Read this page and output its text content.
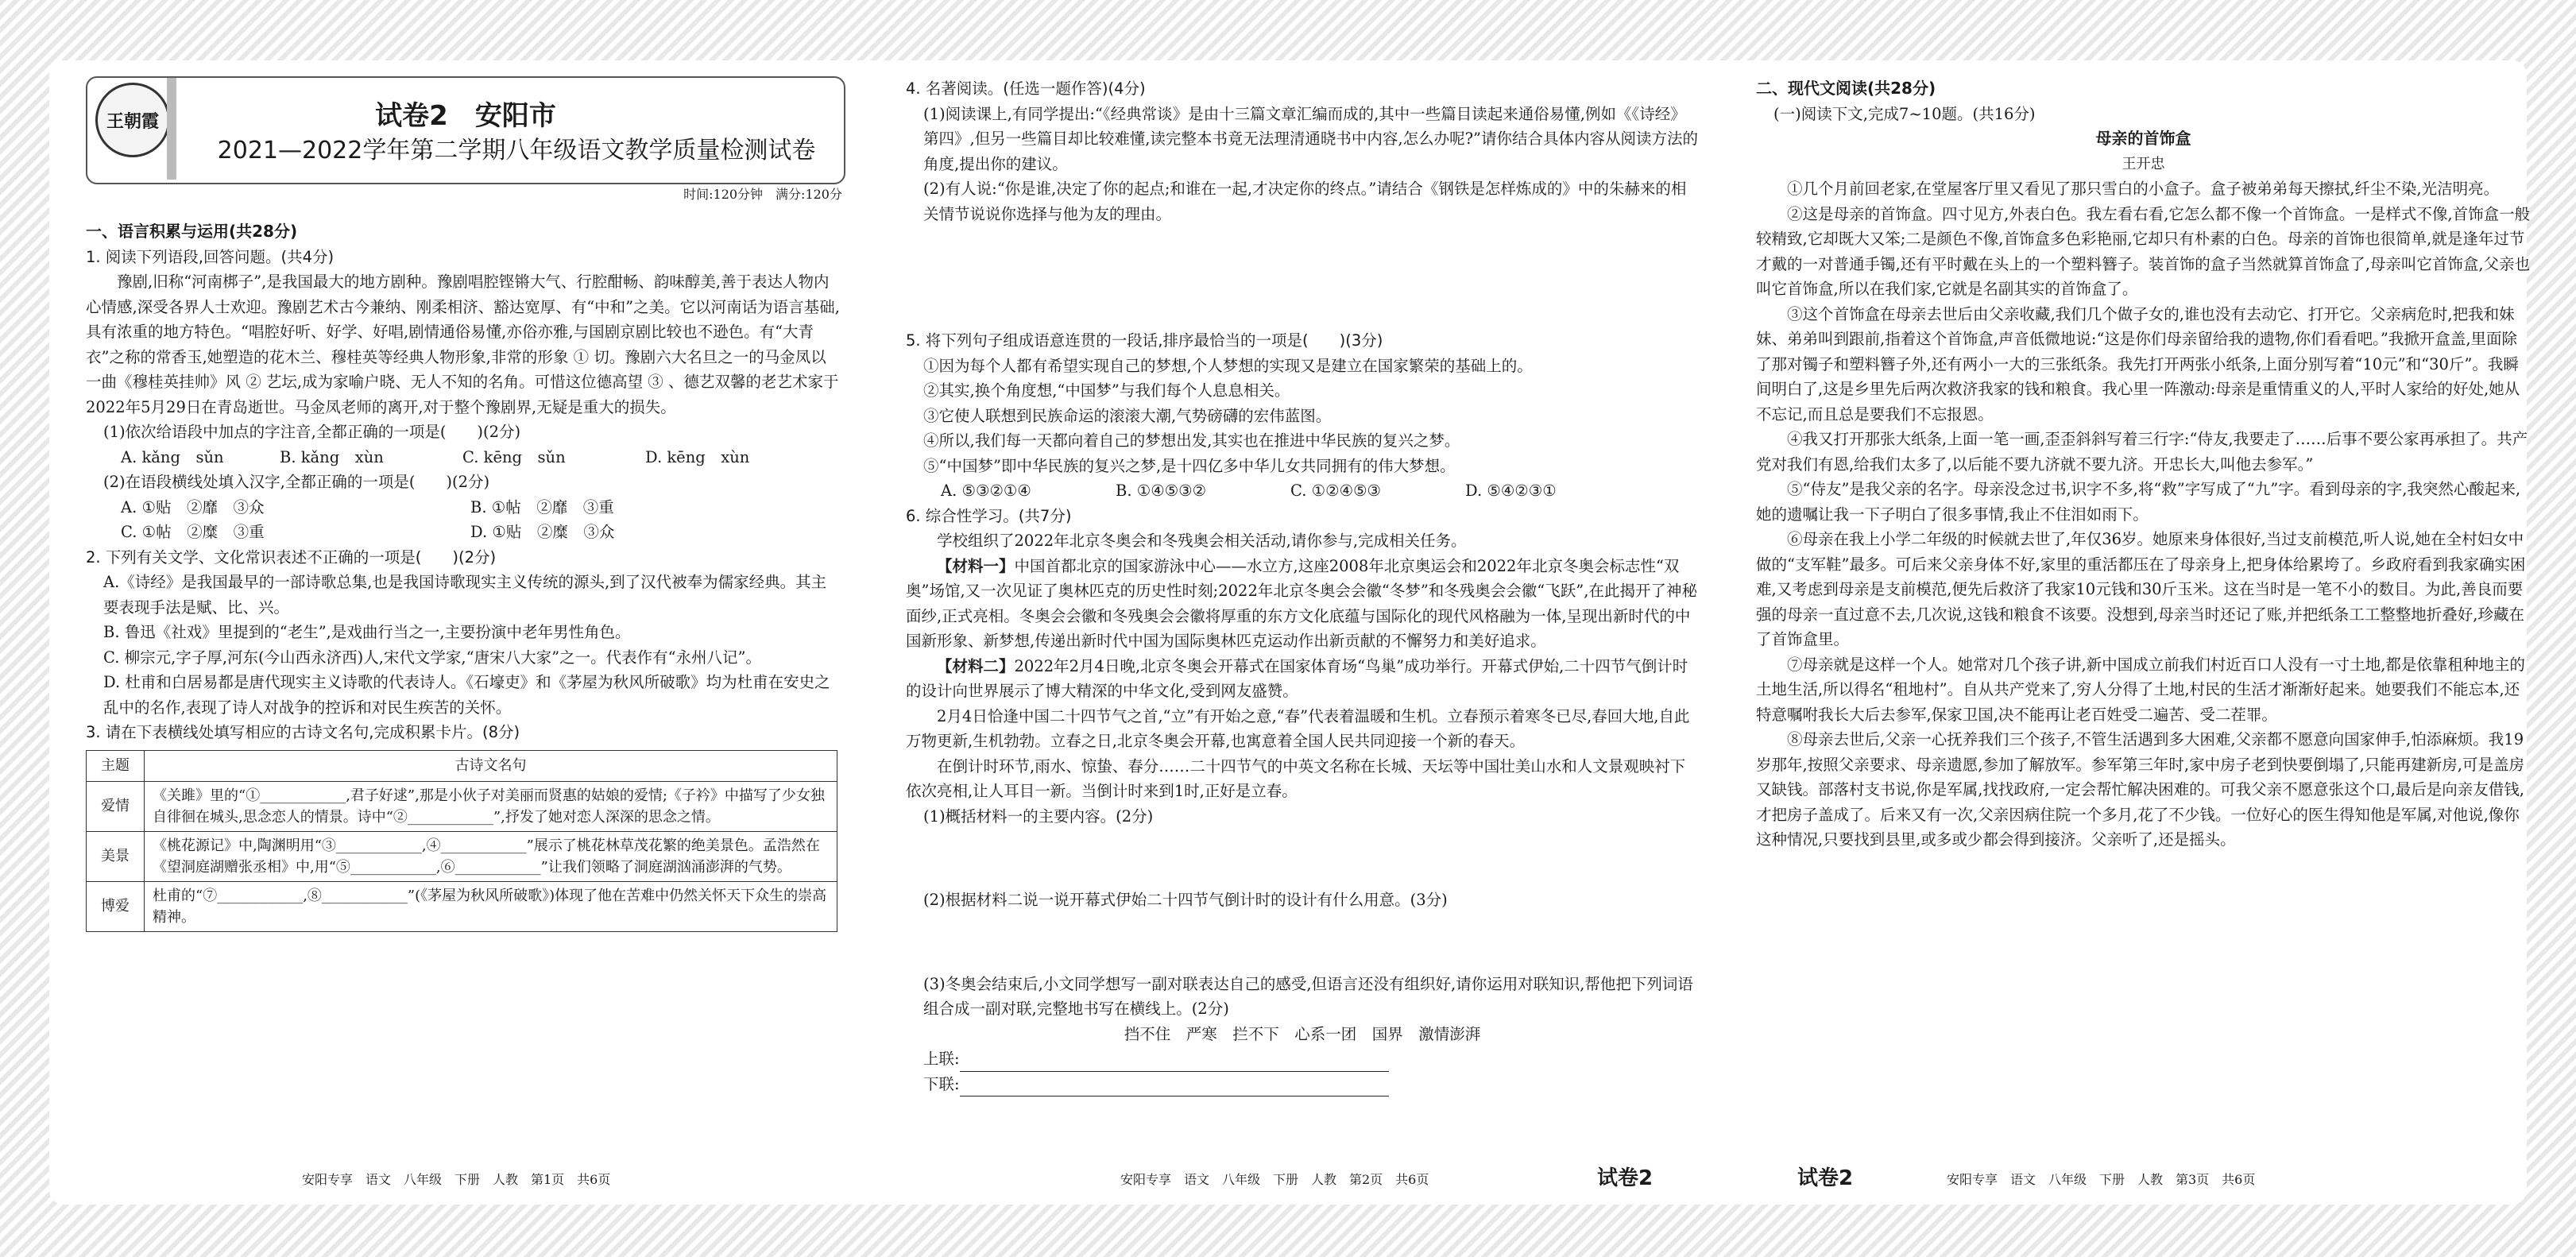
王朝霞	试卷2　安阳市
2021—2022学年第二学期八年级语文教学质量检测试卷
时间:120分钟　满分:120分

一、语言积累与运用(共28分)

1. 阅读下列语段,回答问题。(共4分)

豫剧,旧称“河南梆子”,是我国最大的地方剧种。豫剧唱腔铿锵大气、行腔酣畅、韵味醇美,善于表达人物内心情感,深受各界人士欢迎。豫剧艺术古今兼纳、刚柔相济、豁达宽厚、有“中和”之美。它以河南话为语言基础,具有浓重的地方特色。“唱腔好听、好学、好唱,剧情通俗易懂,亦俗亦雅,与国剧京剧比较也不逊色。有“大青衣”之称的常香玉,她塑造的花木兰、穆桂英等经典人物形象,非常的形象 ① 切。豫剧六大名旦之一的马金凤以一曲《穆桂英挂帅》风 ② 艺坛,成为家喻户晓、无人不知的名角。可惜这位德高望 ③ 、德艺双馨的老艺术家于2022年5月29日在青岛逝世。马金凤老师的离开,对于整个豫剧界,无疑是重大的损失。

(1)依次给语段中加点的字注音,全都正确的一项是(　　)(2分)

A. kǎng　sǔn	B. kǎng　xùn	C. kēng　sǔn	D. kēng　xùn

(2)在语段横线处填入汉字,全都正确的一项是(　　)(2分)

A. ①贴　②靡　③众	B. ①帖　②靡　③重
C. ①帖　②糜　③重	D. ①贴　②糜　③众

2. 下列有关文学、文化常识表述不正确的一项是(　　)(2分)

A.《诗经》是我国最早的一部诗歌总集,也是我国诗歌现实主义传统的源头,到了汉代被奉为儒家经典。其主要表现手法是赋、比、兴。

B. 鲁迅《社戏》里提到的“老生”,是戏曲行当之一,主要扮演中老年男性角色。

C. 柳宗元,字子厚,河东(今山西永济西)人,宋代文学家,“唐宋八大家”之一。代表作有“永州八记”。

D. 杜甫和白居易都是唐代现实主义诗歌的代表诗人。《石壕吏》和《茅屋为秋风所破歌》均为杜甫在安史之乱中的名作,表现了诗人对战争的控诉和对民生疾苦的关怀。

3. 请在下表横线处填写相应的古诗文名句,完成积累卡片。(8分)

主题	古诗文名句
爱情	《关雎》里的“①____________,君子好逑”,那是小伙子对美丽而贤惠的姑娘的爱情;《子衿》中描写了少女独自徘徊在城头,思念恋人的情景。诗中“②____________”,抒发了她对恋人深深的思念之情。
美景	《桃花源记》中,陶渊明用“③____________,④____________”展示了桃花林草茂花繁的绝美景色。孟浩然在《望洞庭湖赠张丞相》中,用“⑤____________,⑥____________”让我们领略了洞庭湖汹涌澎湃的气势。
博爱	杜甫的“⑦____________,⑧____________”(《茅屋为秋风所破歌》)体现了他在苦难中仍然关怀天下众生的崇高精神。

4. 名著阅读。(任选一题作答)(4分)

(1)阅读课上,有同学提出:“《经典常谈》是由十三篇文章汇编而成的,其中一些篇目读起来通俗易懂,例如《《诗经》第四》,但另一些篇目却比较难懂,读完整本书竟无法理清通晓书中内容,怎么办呢?”请你结合具体内容从阅读方法的角度,提出你的建议。

(2)有人说:“你是谁,决定了你的起点;和谁在一起,才决定你的终点。”请结合《钢铁是怎样炼成的》中的朱赫来的相关情节说说你选择与他为友的理由。

5. 将下列句子组成语意连贯的一段话,排序最恰当的一项是(　　)(3分)

①因为每个人都有希望实现自己的梦想,个人梦想的实现又是建立在国家繁荣的基础上的。

②其实,换个角度想,“中国梦”与我们每个人息息相关。

③它使人联想到民族命运的滚滚大潮,气势磅礴的宏伟蓝图。

④所以,我们每一天都向着自己的梦想出发,其实也在推进中华民族的复兴之梦。

⑤“中国梦”即中华民族的复兴之梦,是十四亿多中华儿女共同拥有的伟大梦想。

A. ⑤③②①④	B. ①④⑤③②	C. ①②④⑤③	D. ⑤④②③①

6. 综合性学习。(共7分)

学校组织了2022年北京冬奥会和冬残奥会相关活动,请你参与,完成相关任务。

【材料一】中国首都北京的国家游泳中心——水立方,这座2008年北京奥运会和2022年北京冬奥会标志性“双奥”场馆,又一次见证了奥林匹克的历史性时刻;2022年北京冬奥会会徽“冬梦”和冬残奥会会徽“飞跃”,在此揭开了神秘面纱,正式亮相。冬奥会会徽和冬残奥会会徽将厚重的东方文化底蕴与国际化的现代风格融为一体,呈现出新时代的中国新形象、新梦想,传递出新时代中国为国际奥林匹克运动作出新贡献的不懈努力和美好追求。

【材料二】2022年2月4日晚,北京冬奥会开幕式在国家体育场“鸟巢”成功举行。开幕式伊始,二十四节气倒计时的设计向世界展示了博大精深的中华文化,受到网友盛赞。

2月4日恰逢中国二十四节气之首,“立”有开始之意,“春”代表着温暖和生机。立春预示着寒冬已尽,春回大地,自此万物更新,生机勃勃。立春之日,北京冬奥会开幕,也寓意着全国人民共同迎接一个新的春天。

在倒计时环节,雨水、惊蛰、春分……二十四节气的中英文名称在长城、天坛等中国壮美山水和人文景观映衬下依次亮相,让人耳目一新。当倒计时来到1时,正好是立春。

(1)概括材料一的主要内容。(2分)

(2)根据材料二说一说开幕式伊始二十四节气倒计时的设计有什么用意。(3分)

(3)冬奥会结束后,小文同学想写一副对联表达自己的感受,但语言还没有组织好,请你运用对联知识,帮他把下列词语组合成一副对联,完整地书写在横线上。(2分)

挡不住　严寒　拦不下　心系一团　国界　激情澎湃

上联:

下联:

二、现代文阅读(共28分)

(一)阅读下文,完成7~10题。(共16分)

母亲的首饰盒

王开忠

①几个月前回老家,在堂屋客厅里又看见了那只雪白的小盒子。盒子被弟弟每天擦拭,纤尘不染,光洁明亮。

②这是母亲的首饰盒。四寸见方,外表白色。我左看右看,它怎么都不像一个首饰盒。一是样式不像,首饰盒一般较精致,它却既大又笨;二是颜色不像,首饰盒多色彩艳丽,它却只有朴素的白色。母亲的首饰也很简单,就是逢年过节才戴的一对普通手镯,还有平时戴在头上的一个塑料簪子。装首饰的盒子当然就算首饰盒了,母亲叫它首饰盒,父亲也叫它首饰盒,所以在我们家,它就是名副其实的首饰盒了。

③这个首饰盒在母亲去世后由父亲收藏,我们几个做子女的,谁也没有去动它、打开它。父亲病危时,把我和妹妹、弟弟叫到跟前,指着这个首饰盒,声音低微地说:“这是你们母亲留给我的遗物,你们看看吧。”我掀开盒盖,里面除了那对镯子和塑料簪子外,还有两小一大的三张纸条。我先打开两张小纸条,上面分别写着“10元”和“30斤”。我瞬间明白了,这是乡里先后两次救济我家的钱和粮食。我心里一阵激动:母亲是重情重义的人,平时人家给的好处,她从不忘记,而且总是要我们不忘报恩。

④我又打开那张大纸条,上面一笔一画,歪歪斜斜写着三行字:“侍友,我要走了……后事不要公家再承担了。共产党对我们有恩,给我们太多了,以后能不要九济就不要九济。开忠长大,叫他去参军。”

⑤“侍友”是我父亲的名字。母亲没念过书,识字不多,将“救”字写成了“九”字。看到母亲的字,我突然心酸起来,她的遗嘱让我一下子明白了很多事情,我止不住泪如雨下。

⑥母亲在我上小学二年级的时候就去世了,年仅36岁。她原来身体很好,当过支前模范,听人说,她在全村妇女中做的“支军鞋”最多。可后来父亲身体不好,家里的重活都压在了母亲身上,把身体给累垮了。乡政府看到我家确实困难,又考虑到母亲是支前模范,便先后救济了我家10元钱和30斤玉米。这在当时是一笔不小的数目。为此,善良而要强的母亲一直过意不去,几次说,这钱和粮食不该要。没想到,母亲当时还记了账,并把纸条工工整整地折叠好,珍藏在了首饰盒里。

⑦母亲就是这样一个人。她常对几个孩子讲,新中国成立前我们村近百口人没有一寸土地,都是依靠租种地主的土地生活,所以得名“租地村”。自从共产党来了,穷人分得了土地,村民的生活才渐渐好起来。她要我们不能忘本,还特意嘱咐我长大后去参军,保家卫国,决不能再让老百姓受二遍苦、受二茬罪。

⑧母亲去世后,父亲一心抚养我们三个孩子,不管生活遇到多大困难,父亲都不愿意向国家伸手,怕添麻烦。我19岁那年,按照父亲要求、母亲遗愿,参加了解放军。参军第三年时,家中房子老到快要倒塌了,只能再建新房,可是盖房又缺钱。部落村支书说,你是军属,找找政府,一定会帮忙解决困难的。可我父亲不愿意张这个口,最后是向亲友借钱,才把房子盖成了。后来又有一次,父亲因病住院一个多月,花了不少钱。一位好心的医生得知他是军属,对他说,像你这种情况,只要找到县里,或多或少都会得到接济。父亲听了,还是摇头。

安阳专享　语文　八年级　下册　人教　第1页　共6页	安阳专享　语文　八年级　下册　人教　第2页　共6页	试卷2	试卷2	安阳专享　语文　八年级　下册　人教　第3页　共6页
